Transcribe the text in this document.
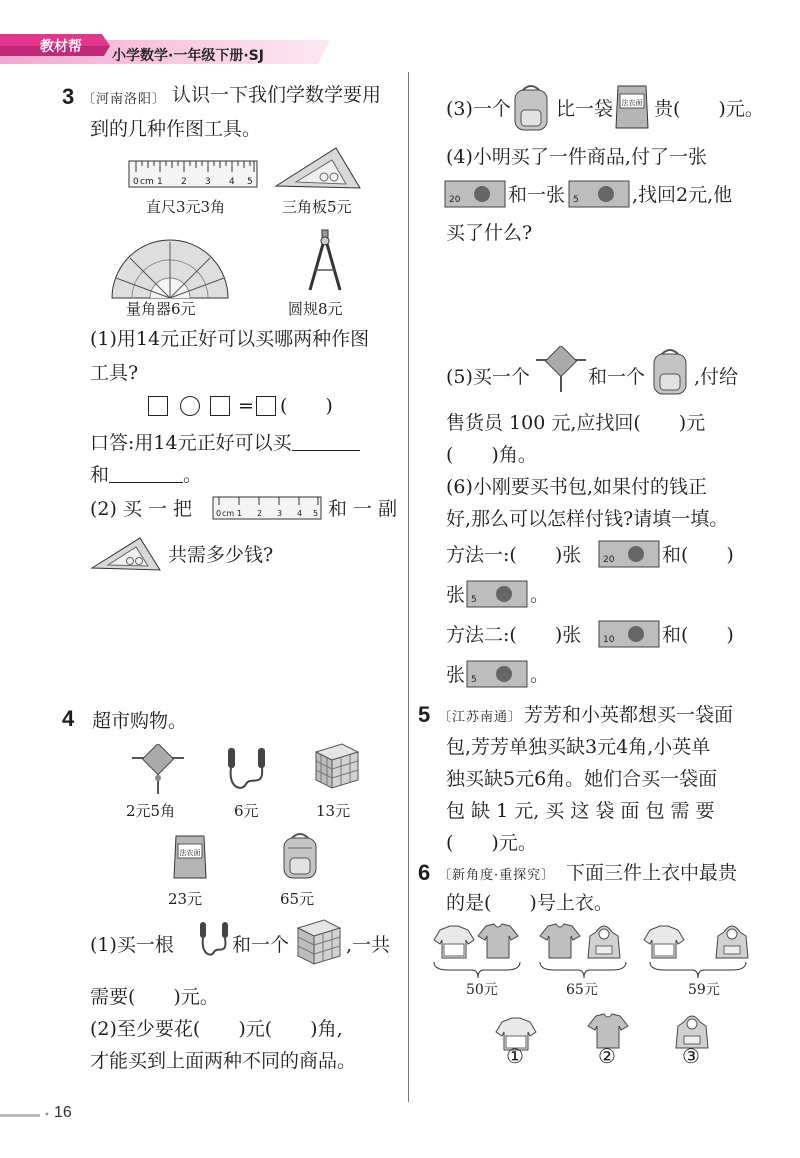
教材帮
小学数学·一年级下册·SJ
3 〔河南洛阳〕 认识一下我们学数学要用
到的几种作图工具。
0 cm 1 2 3 4 5
直尺3元3角	三角板5元
量角器6元	圆规8元
(1)用14元正好可以买哪两种作图
工具?
= (　　)
口答:用14元正好可以买
和	。
(2) 买 一 把	0 cm 1 2 3 4 5 和 一 副
共需多少钱?
4 超市购物。
2元5角	6元	13元
法农面
23元	65元
(1)买一根	和一个	,一共
需要(　　)元。
(2)至少要花(　　)元(　　)角,
才能买到上面两种不同的商品。
(3)一个 比一袋 法农面 贵(　　)元。
(4)小明买了一件商品,付了一张
20	和一张 5	,找回2元,他
买了什么?
(5)买一个	和一个	,付给
售货员 100 元,应找回(　　)元
(　　)角。
(6)小刚要买书包,如果付的钱正
好,那么可以怎样付钱?请填一填。
方法一:(　　)张 20	和(　　)
张 5	。
方法二:(　　)张 10	和(　　)
张 5	。
5 〔江苏南通〕 芳芳和小英都想买一袋面
包,芳芳单独买缺3元4角,小英单
独买缺5元6角。她们合买一袋面
包 缺 1 元, 买 这 袋 面 包 需 要
(　　)元。
6 〔新角度·重探究〕 下面三件上衣中最贵
的是(　　)号上衣。
50元	65元	59元
①	②	③
• 16
